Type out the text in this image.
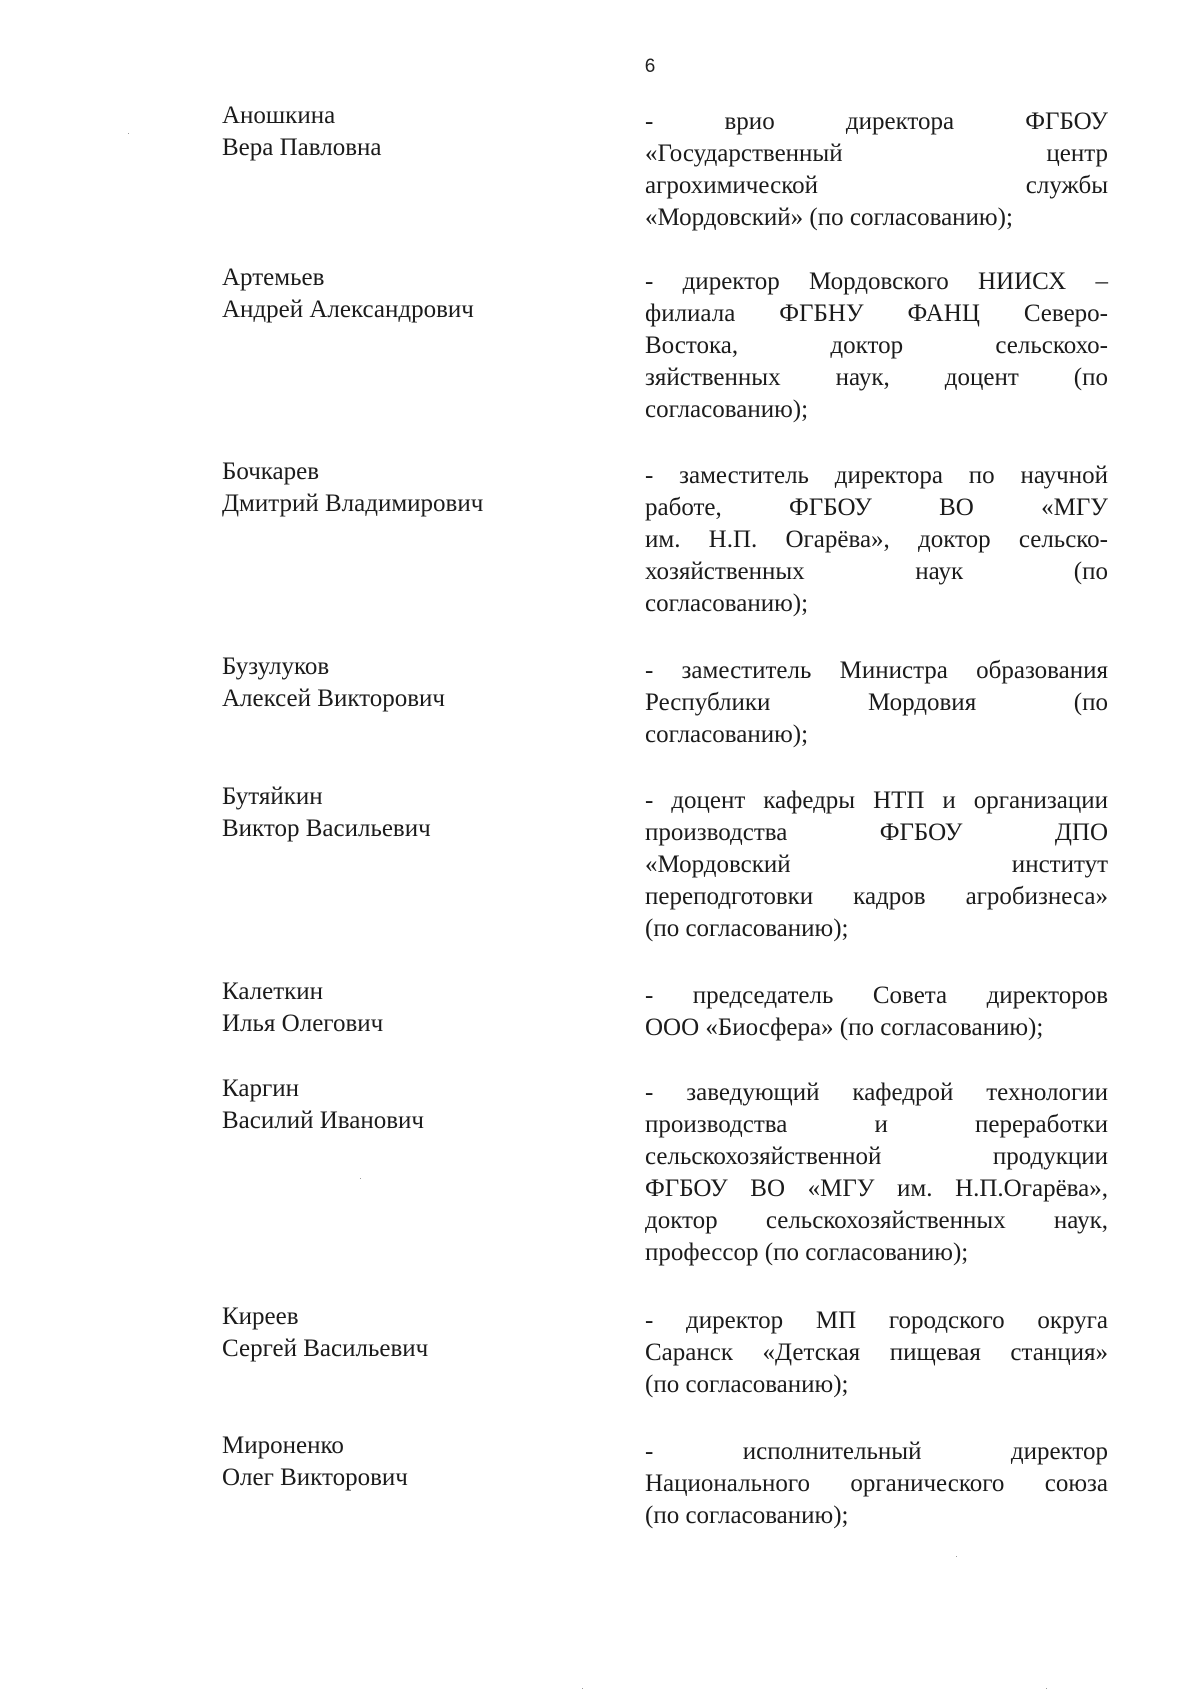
6
Аношкина
Вера Павловна
- врио директора ФГБОУ
«Государственный центр
агрохимической службы
«Мордовский» (по согласованию);
Артемьев
Андрей Александрович
- директор Мордовского НИИСХ –
филиала ФГБНУ ФАНЦ Северо-
Востока, доктор сельскохо-
зяйственных наук, доцент (по
согласованию);
Бочкарев
Дмитрий Владимирович
- заместитель директора по научной
работе, ФГБОУ ВО «МГУ
им. Н.П. Огарёва», доктор сельско-
хозяйственных наук (по
согласованию);
Бузулуков
Алексей Викторович
- заместитель Министра образования
Республики Мордовия (по
согласованию);
Бутяйкин
Виктор Васильевич
- доцент кафедры НТП и организации
производства ФГБОУ ДПО
«Мордовский институт
переподготовки кадров агробизнеса»
(по согласованию);
Калеткин
Илья Олегович
- председатель Совета директоров
ООО «Биосфера» (по согласованию);
Каргин
Василий Иванович
- заведующий кафедрой технологии
производства и переработки
сельскохозяйственной продукции
ФГБОУ ВО «МГУ им. Н.П.Огарёва»,
доктор сельскохозяйственных наук,
профессор (по согласованию);
Киреев
Сергей Васильевич
- директор МП городского округа
Саранск «Детская пищевая станция»
(по согласованию);
Мироненко
Олег Викторович
- исполнительный директор
Национального органического союза
(по согласованию);
